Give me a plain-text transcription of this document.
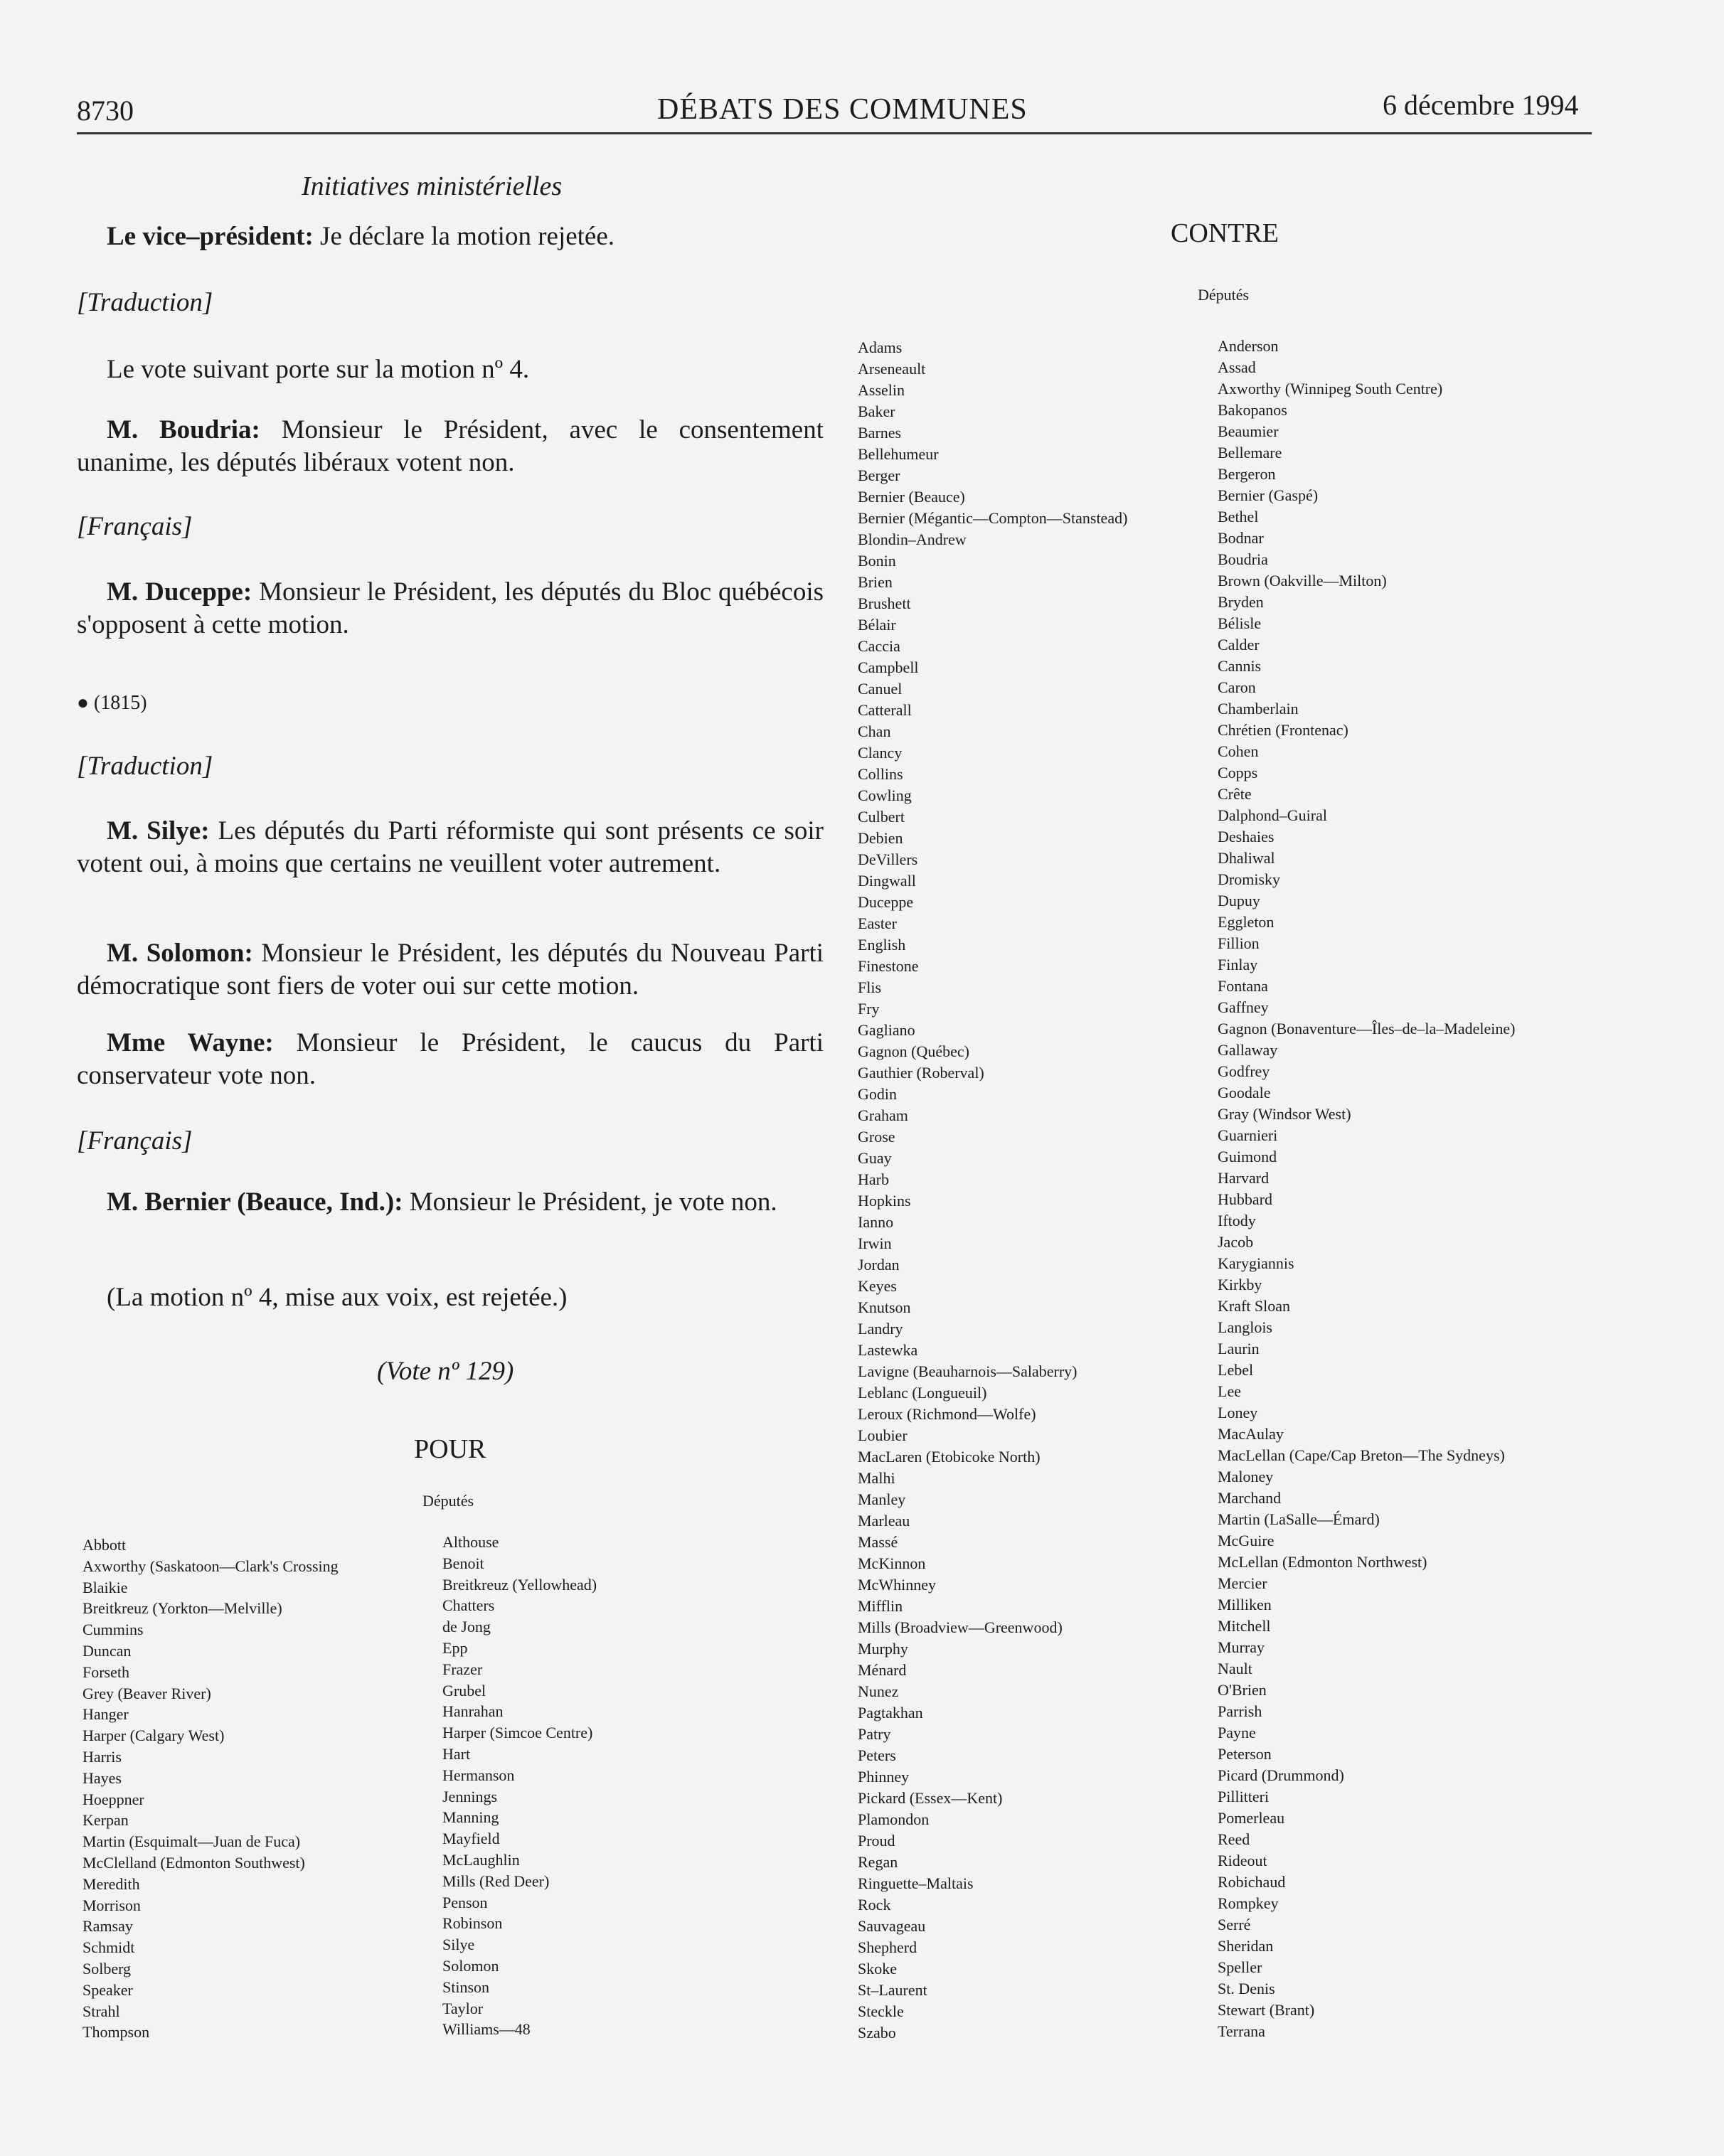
8730	DÉBATS DES COMMUNES	6 décembre 1994
Initiatives ministérielles
Le vice–président: Je déclare la motion rejetée.
[Traduction]
Le vote suivant porte sur la motion nº 4.
M. Boudria: Monsieur le Président, avec le consentement unanime, les députés libéraux votent non.
[Français]
M. Duceppe: Monsieur le Président, les députés du Bloc québécois s'opposent à cette motion.
● (1815)
[Traduction]
M. Silye: Les députés du Parti réformiste qui sont présents ce soir votent oui, à moins que certains ne veuillent voter autrement.
M. Solomon: Monsieur le Président, les députés du Nouveau Parti démocratique sont fiers de voter oui sur cette motion.
Mme Wayne: Monsieur le Président, le caucus du Parti conservateur vote non.
[Français]
M. Bernier (Beauce, Ind.): Monsieur le Président, je vote non.
(La motion nº 4, mise aux voix, est rejetée.)
(Vote nº 129)
POUR
Députés
Abbott
Axworthy (Saskatoon—Clark's Crossing
Blaikie
Breitkreuz (Yorkton—Melville)
Cummins
Duncan
Forseth
Grey (Beaver River)
Hanger
Harper (Calgary West)
Harris
Hayes
Hoeppner
Kerpan
Martin (Esquimalt—Juan de Fuca)
McClelland (Edmonton Southwest)
Meredith
Morrison
Ramsay
Schmidt
Solberg
Speaker
Strahl
Thompson
Althouse
Benoit
Breitkreuz (Yellowhead)
Chatters
de Jong
Epp
Frazer
Grubel
Hanrahan
Harper (Simcoe Centre)
Hart
Hermanson
Jennings
Manning
Mayfield
McLaughlin
Mills (Red Deer)
Penson
Robinson
Silye
Solomon
Stinson
Taylor
Williams—48
CONTRE
Députés
Adams
Arseneault
Asselin
Baker
Barnes
Bellehumeur
Berger
Bernier (Beauce)
Bernier (Mégantic—Compton—Stanstead)
Blondin–Andrew
Bonin
Brien
Brushett
Bélair
Caccia
Campbell
Canuel
Catterall
Chan
Clancy
Collins
Cowling
Culbert
Debien
DeVillers
Dingwall
Duceppe
Easter
English
Finestone
Flis
Fry
Gagliano
Gagnon (Québec)
Gauthier (Roberval)
Godin
Graham
Grose
Guay
Harb
Hopkins
Ianno
Irwin
Jordan
Keyes
Knutson
Landry
Lastewka
Lavigne (Beauharnois—Salaberry)
Leblanc (Longueuil)
Leroux (Richmond—Wolfe)
Loubier
MacLaren (Etobicoke North)
Malhi
Manley
Marleau
Massé
McKinnon
McWhinney
Mifflin
Mills (Broadview—Greenwood)
Murphy
Ménard
Nunez
Pagtakhan
Patry
Peters
Phinney
Pickard (Essex—Kent)
Plamondon
Proud
Regan
Ringuette–Maltais
Rock
Sauvageau
Shepherd
Skoke
St–Laurent
Steckle
Szabo
Anderson
Assad
Axworthy (Winnipeg South Centre)
Bakopanos
Beaumier
Bellemare
Bergeron
Bernier (Gaspé)
Bethel
Bodnar
Boudria
Brown (Oakville—Milton)
Bryden
Bélisle
Calder
Cannis
Caron
Chamberlain
Chrétien (Frontenac)
Cohen
Copps
Crête
Dalphond–Guiral
Deshaies
Dhaliwal
Dromisky
Dupuy
Eggleton
Fillion
Finlay
Fontana
Gaffney
Gagnon (Bonaventure—Îles–de–la–Madeleine)
Gallaway
Godfrey
Goodale
Gray (Windsor West)
Guarnieri
Guimond
Harvard
Hubbard
Iftody
Jacob
Karygiannis
Kirkby
Kraft Sloan
Langlois
Laurin
Lebel
Lee
Loney
MacAulay
MacLellan (Cape/Cap Breton—The Sydneys)
Maloney
Marchand
Martin (LaSalle—Émard)
McGuire
McLellan (Edmonton Northwest)
Mercier
Milliken
Mitchell
Murray
Nault
O'Brien
Parrish
Payne
Peterson
Picard (Drummond)
Pillitteri
Pomerleau
Reed
Rideout
Robichaud
Rompkey
Serré
Sheridan
Speller
St. Denis
Stewart (Brant)
Terrana
